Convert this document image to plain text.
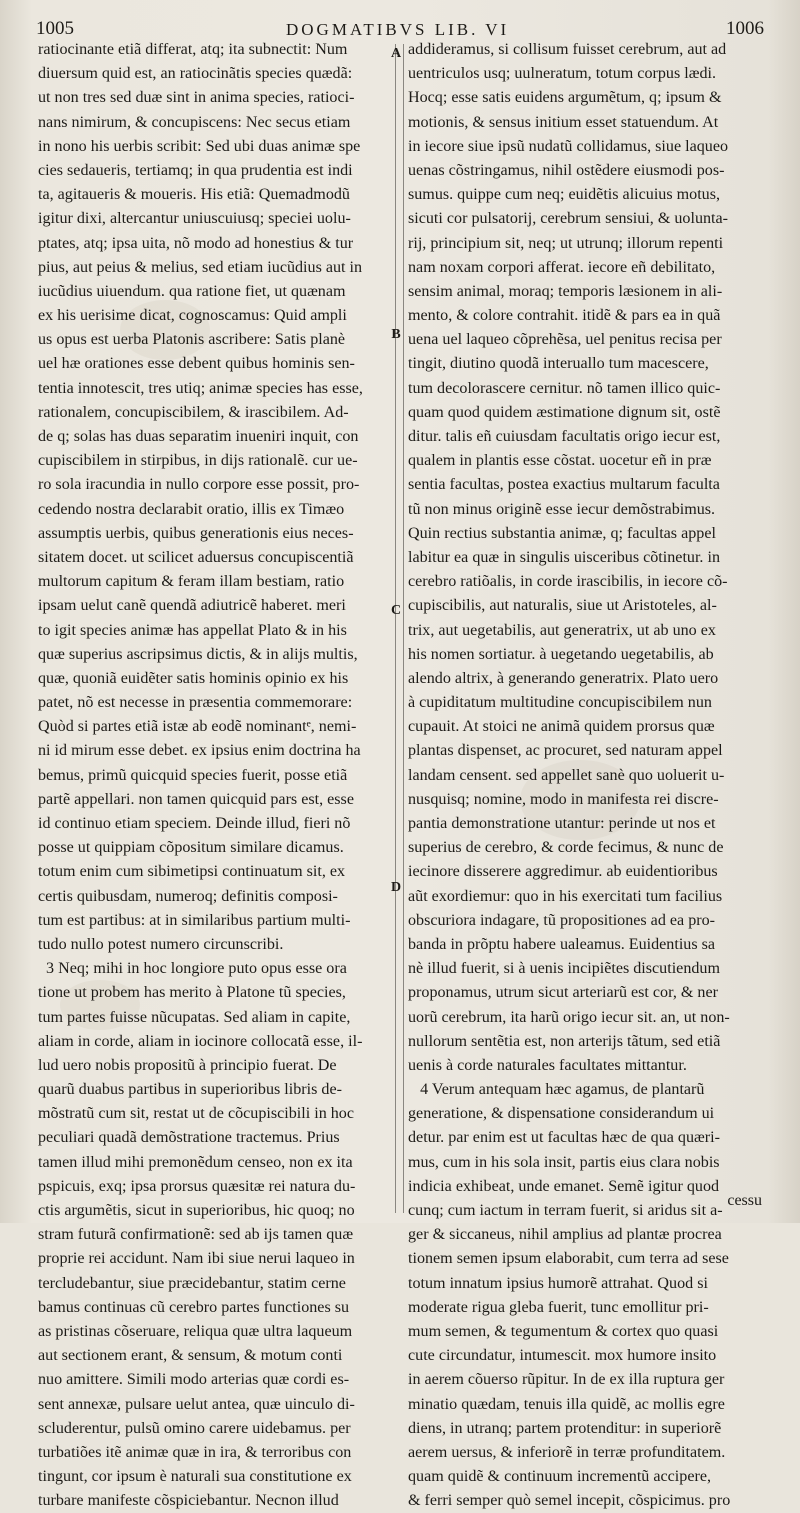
1005	DOGMATIBVS LIB. VI	1006
A
B
C
D
ratiocinante etiã differat, atq; ita subnectit: Num
diuersum quid est, an ratiocinãtis species quædã:
ut non tres sed duæ sint in anima species, ratioci-
nans nimirum, & concupiscens: Nec secus etiam
in nono his uerbis scribit: Sed ubi duas animæ spe
cies sedaueris, tertiamq; in qua prudentia est indi
ta, agitaueris & moueris. His etiã: Quemadmodũ
igitur dixi, altercantur uniuscuiusq; speciei uolu-
ptates, atq; ipsa uita, nõ modo ad honestius & tur
pius, aut peius & melius, sed etiam iucũdius aut in
iucũdius uiuendum. qua ratione fiet, ut quænam
ex his uerisime dicat, cognoscamus: Quid ampli
us opus est uerba Platonis ascribere: Satis planè
uel hæ orationes esse debent quibus hominis sen-
tentia innotescit, tres utiq; animæ species has esse,
rationalem, concupiscibilem, & irascibilem. Ad-
de q; solas has duas separatim inueniri inquit, con
cupiscibilem in stirpibus, in dijs rationalẽ. cur ue-
ro sola iracundia in nullo corpore esse possit, pro-
cedendo nostra declarabit oratio, illis ex Timæo
assumptis uerbis, quibus generationis eius neces-
sitatem docet. ut scilicet aduersus concupiscentiã
multorum capitum & feram illam bestiam, ratio
ipsam uelut canẽ quendã adiutricẽ haberet. meri
to igit species animæ has appellat Plato & in his
quæ superius ascripsimus dictis, & in alijs multis,
quæ, quoniã euidẽter satis hominis opinio ex his
patet, nõ est necesse in præsentia commemorare:
Quòd si partes etiã istæ ab eodẽ nominantᵉ, nemi-
ni id mirum esse debet. ex ipsius enim doctrina ha
bemus, primũ quicquid species fuerit, posse etiã
partẽ appellari. non tamen quicquid pars est, esse
id continuo etiam speciem. Deinde illud, fieri nõ
posse ut quippiam cõpositum similare dicamus.
totum enim cum sibimetipsi continuatum sit, ex
certis quibusdam, numeroq; definitis composi-
tum est partibus: at in similaribus partium multi-
tudo nullo potest numero circunscribi.
3 Neq; mihi in hoc longiore puto opus esse ora
tione ut probem has merito à Platone tũ species,
tum partes fuisse nũcupatas. Sed aliam in capite,
aliam in corde, aliam in iocinore collocatã esse, il-
lud uero nobis propositũ à principio fuerat. De
quarũ duabus partibus in superioribus libris de-
mõstratũ cum sit, restat ut de cõcupiscibili in hoc
peculiari quadã demõstratione tractemus. Prius
tamen illud mihi premonẽdum censeo, non ex ita
pspicuis, exq; ipsa prorsus quæsitæ rei natura du-
ctis argumẽtis, sicut in superioribus, hic quoq; no
stram futurã confirmationẽ: sed ab ijs tamen quæ
proprie rei accidunt. Nam ibi siue nerui laqueo in
tercludebantur, siue præcidebantur, statim cerne
bamus continuas cũ cerebro partes functiones su
as pristinas cõseruare, reliqua quæ ultra laqueum
aut sectionem erant, & sensum, & motum conti
nuo amittere. Simili modo arterias quæ cordi es-
sent annexæ, pulsare uelut antea, quæ uinculo di-
scluderentur, pulsũ omino carere uidebamus. per
turbatiões itẽ animæ quæ in ira, & terroribus con
tingunt, cor ipsum è naturali sua constitutione ex
turbare manifeste cõspiciebantur. Necnon illud
addideramus, si collisum fuisset cerebrum, aut ad
uentriculos usq; uulneratum, totum corpus lædi.
Hocq; esse satis euidens argumẽtum, q; ipsum &
motionis, & sensus initium esset statuendum. At
in iecore siue ipsũ nudatũ collidamus, siue laqueo
uenas cõstringamus, nihil ostẽdere eiusmodi pos-
sumus. quippe cum neq; euidẽtis alicuius motus,
sicuti cor pulsatorij, cerebrum sensiui, & uolunta-
rij, principium sit, neq; ut utrunq; illorum repenti
nam noxam corpori afferat. iecore eñ debilitato,
sensim animal, moraq; temporis læsionem in ali-
mento, & colore contrahit. itidẽ & pars ea in quã
uena uel laqueo cõprehẽsa, uel penitus recisa per
tingit, diutino quodã interuallo tum macescere,
tum decolorascere cernitur. nõ tamen illico quic-
quam quod quidem æstimatione dignum sit, ostẽ
ditur. talis eñ cuiusdam facultatis origo iecur est,
qualem in plantis esse cõstat. uocetur eñ in præ
sentia facultas, postea exactius multarum faculta
tũ non minus originẽ esse iecur demõstrabimus.
Quin rectius substantia animæ, q; facultas appel
labitur ea quæ in singulis uisceribus cõtinetur. in
cerebro ratiõalis, in corde irascibilis, in iecore cõ-
cupiscibilis, aut naturalis, siue ut Aristoteles, al-
trix, aut uegetabilis, aut generatrix, ut ab uno ex
his nomen sortiatur. à uegetando uegetabilis, ab
alendo altrix, à generando generatrix. Plato uero
à cupiditatum multitudine concupiscibilem nun
cupauit. At stoici ne animã quidem prorsus quæ
plantas dispenset, ac procuret, sed naturam appel
landam censent. sed appellet sanè quo uoluerit u-
nusquisq; nomine, modo in manifesta rei discre-
pantia demonstratione utantur: perinde ut nos et
superius de cerebro, & corde fecimus, & nunc de
iecinore disserere aggredimur. ab euidentioribus
aũt exordiemur: quo in his exercitati tum facilius
obscuriora indagare, tũ propositiones ad ea pro-
banda in prõptu habere ualeamus. Euidentius sa
nè illud fuerit, si à uenis incipiẽtes discutiendum
proponamus, utrum sicut arteriarũ est cor, & ner
uorũ cerebrum, ita harũ origo iecur sit. an, ut non-
nullorum sentẽtia est, non arterijs tãtum, sed etiã
uenis à corde naturales facultates mittantur.
4 Verum antequam hæc agamus, de plantarũ
generatione, & dispensatione considerandum ui
detur. par enim est ut facultas hæc de qua quæri-
mus, cum in his sola insit, partis eius clara nobis
indicia exhibeat, unde emanet. Semẽ igitur quod
cunq; cum iactum in terram fuerit, si aridus sit a-
ger & siccaneus, nihil amplius ad plantæ procrea
tionem semen ipsum elaborabit, cum terra ad sese
totum innatum ipsius humorẽ attrahat. Quod si
moderate rigua gleba fuerit, tunc emollitur pri-
mum semen, & tegumentum & cortex quo quasi
cute circundatur, intumescit. mox humore insito
in aerem cõuerso rũpitur. In de ex illa ruptura ger
minatio quædam, tenuis illa quidẽ, ac mollis egre
diens, in utranq; partem protenditur: in superiorẽ
aerem uersus, & inferiorẽ in terræ profunditatem.
quam quidẽ & continuum incrementũ accipere,
& ferri semper quò semel incepit, cõspicimus. pro
cessu
